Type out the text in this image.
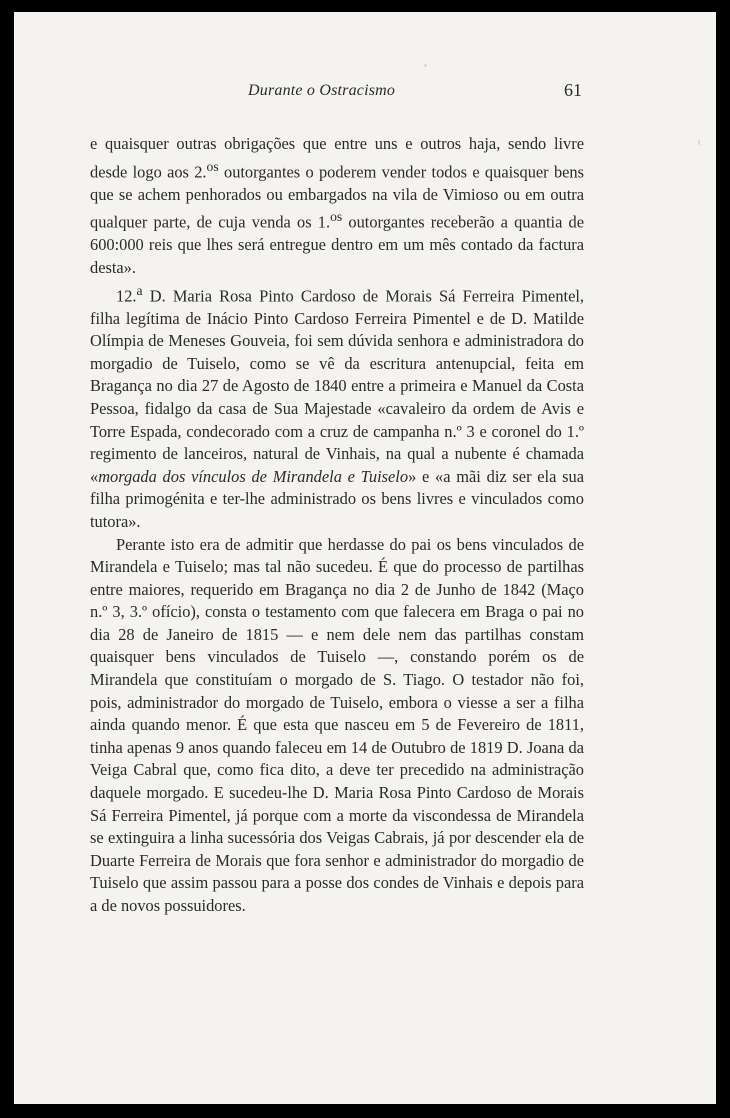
Durante o Ostracismo	61

e quaisquer outras obrigações que entre uns e outros haja, sendo livre desde logo aos 2.$^{os}$ outorgantes o poderem vender todos e quaisquer bens que se achem penhorados ou embargados na vila de Vimioso ou em outra qualquer parte, de cuja venda os 1.$^{os}$ outorgantes receberão a quantia de 600:000 reis que lhes será entregue dentro em um mês contado da factura desta».

12.$^a$ D. Maria Rosa Pinto Cardoso de Morais Sá Ferreira Pimentel, filha legítima de Inácio Pinto Cardoso Ferreira Pimentel e de D. Matilde Olímpia de Meneses Gouveia, foi sem dúvida senhora e administradora do morgadio de Tuiselo, como se vê da escritura antenupcial, feita em Bragança no dia 27 de Agosto de 1840 entre a primeira e Manuel da Costa Pessoa, fidalgo da casa de Sua Majestade «cavaleiro da ordem de Avis e Torre Espada, condecorado com a cruz de campanha n.º 3 e coronel do 1.º regimento de lanceiros, natural de Vinhais, na qual a nubente é chamada «morgada dos vínculos de Mirandela e Tuiselo» e «a mãi diz ser ela sua filha primogénita e ter-lhe administrado os bens livres e vinculados como tutora».

Perante isto era de admitir que herdasse do pai os bens vinculados de Mirandela e Tuiselo; mas tal não sucedeu. É que do processo de partilhas entre maiores, requerido em Bragança no dia 2 de Junho de 1842 (Maço n.º 3, 3.º ofício), consta o testamento com que falecera em Braga o pai no dia 28 de Janeiro de 1815 — e nem dele nem das partilhas constam quaisquer bens vinculados de Tuiselo —, constando porém os de Mirandela que constituíam o morgado de S. Tiago. O testador não foi, pois, administrador do morgado de Tuiselo, embora o viesse a ser a filha ainda quando menor. É que esta que nasceu em 5 de Fevereiro de 1811, tinha apenas 9 anos quando faleceu em 14 de Outubro de 1819 D. Joana da Veiga Cabral que, como fica dito, a deve ter precedido na administração daquele morgado. E sucedeu-lhe D. Maria Rosa Pinto Cardoso de Morais Sá Ferreira Pimentel, já porque com a morte da viscondessa de Mirandela se extinguira a linha sucessória dos Veigas Cabrais, já por descender ela de Duarte Ferreira de Morais que fora senhor e administrador do morgadio de Tuiselo que assim passou para a posse dos condes de Vinhais e depois para a de novos possuidores.
